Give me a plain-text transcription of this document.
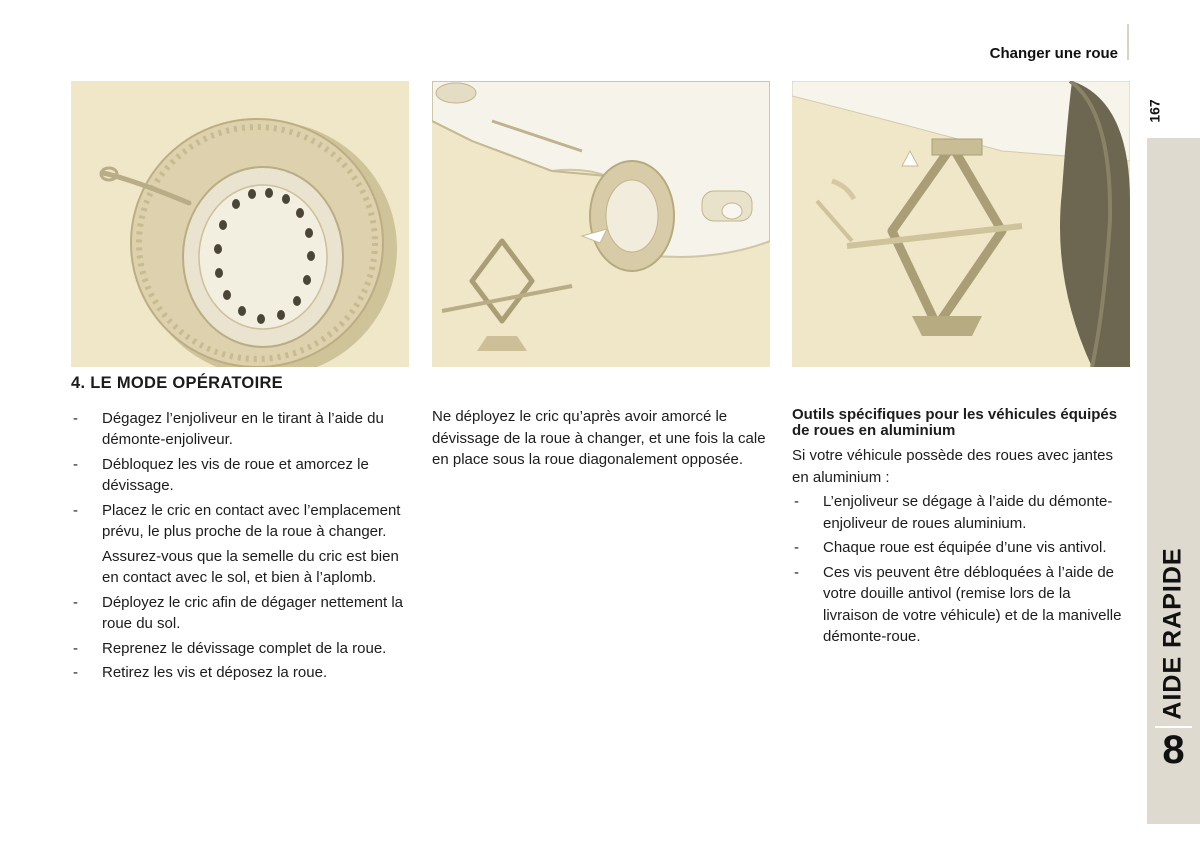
Changer une roue
167
AIDE RAPIDE
8
4. LE MODE OPÉRATOIRE
- Dégagez l’enjoliveur en le tirant à l’aide du démonte-enjoliveur.
- Débloquez les vis de roue et amorcez le dévissage.
- Placez le cric en contact avec l’emplacement prévu, le plus proche de la roue à changer.
Assurez-vous que la semelle du cric est bien en contact avec le sol, et bien à l’aplomb.
- Déployez le cric afin de dégager nettement la roue du sol.
- Reprenez le dévissage complet de la roue.
- Retirez les vis et déposez la roue.

Ne déployez le cric qu’après avoir amorcé le dévissage de la roue à changer, et une fois la cale en place sous la roue diagonalement opposée.

Outils spécifiques pour les véhicules équipés de roues en aluminium

Si votre véhicule possède des roues avec jantes en aluminium :

- L’enjoliveur se dégage à l’aide du démonte-enjoliveur de roues aluminium.
- Chaque roue est équipée d’une vis antivol.
- Ces vis peuvent être débloquées à l’aide de votre douille antivol (remise lors de la livraison de votre véhicule) et de la manivelle démonte-roue.
